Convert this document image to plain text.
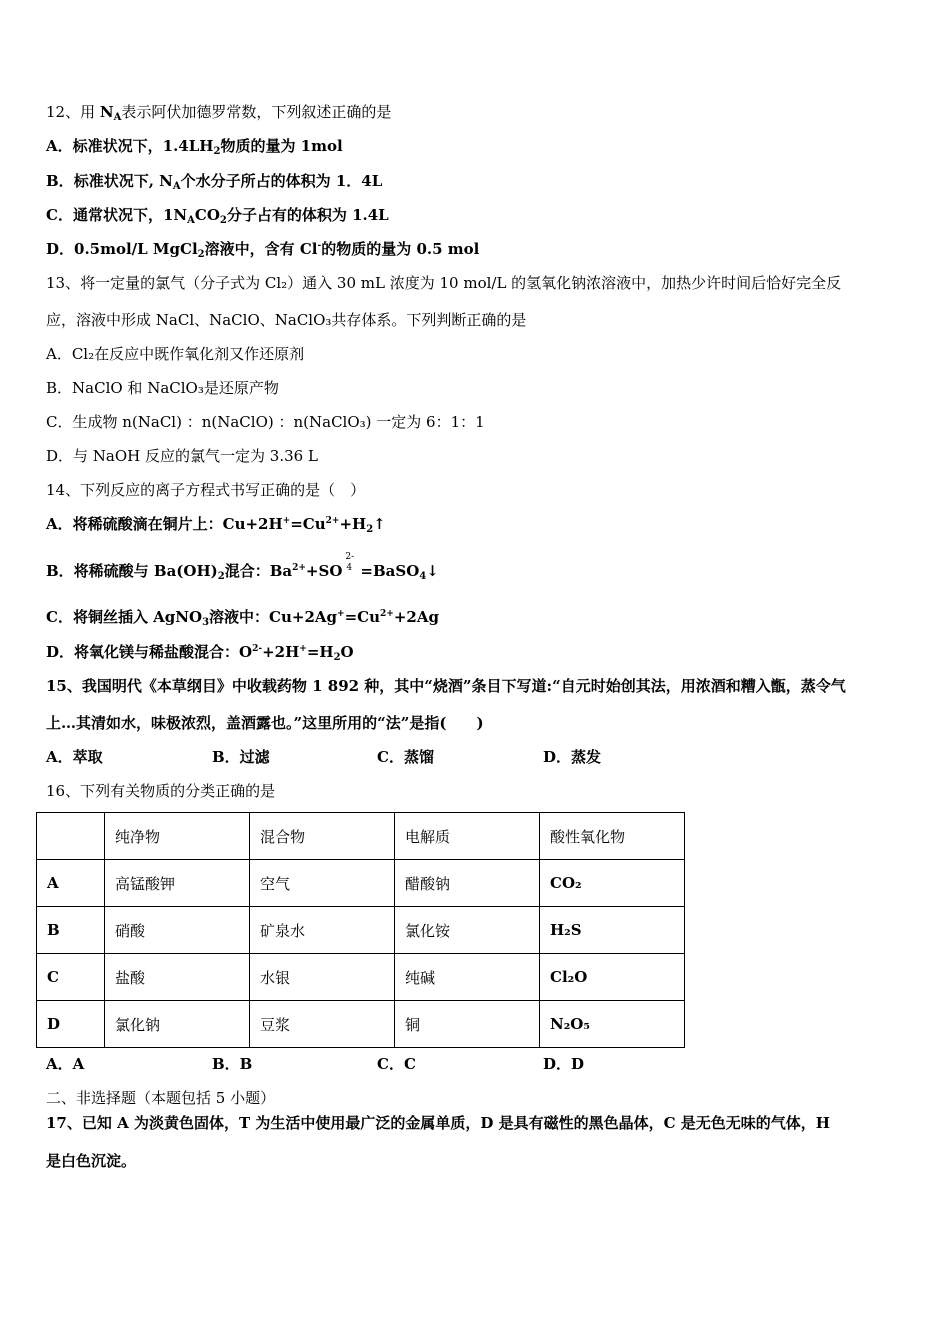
12、用 $N_A$表示阿伏加德罗常数，下列叙述正确的是
A．标准状况下，$1.4LH_2$物质的量为 1mol
B．标准状况下, $N_A$个水分子所占的体积为 1．4L
C．通常状况下，$1N_ACO_2$分子占有的体积为 1.4L
D．0.5mol/L MgCl$_2$溶液中，含有 Cl-的物质的量为 0.5 mol
13、将一定量的氯气（分子式为 Cl₂）通入 30 mL 浓度为 10 mol/L 的氢氧化钠浓溶液中，加热少许时间后恰好完全反
应，溶液中形成 NaCl、NaClO、NaClO₃共存体系。下列判断正确的是
A．Cl₂在反应中既作氧化剂又作还原剂
B．NaClO 和 NaClO₃是还原产物
C．生成物 n(NaCl) ：n(NaClO) ：n(NaClO₃) 一定为 6：1：1
D．与 NaOH 反应的氯气一定为 3.36 L
14、下列反应的离子方程式书写正确的是（　）
A．将稀硫酸滴在铜片上：$Cu+2H^+=Cu^{2+}+H_2↑$
B．将稀硫酸与 $Ba(OH)_2$混合：$Ba^{2+}+SO$
2-
4 =BaSO$_4$↓
C．将铜丝插入 AgNO$_3$溶液中：$Cu+2Ag^+=Cu^{2+}+2Ag$
D．将氧化镁与稀盐酸混合：$O^{2-}+2H^+=H_2O$
15、我国明代《本草纲目》中收载药物 1 892 种，其中“烧酒”条目下写道:“自元时始创其法，用浓酒和糟入甑，蒸令气
上…其清如水，味极浓烈，盖酒露也。”这里所用的“法”是指(　　)
A．萃取	B．过滤	C．蒸馏	D．蒸发
16、下列有关物质的分类正确的是
	纯净物	混合物	电解质	酸性氧化物
A	高锰酸钾	空气	醋酸钠	CO₂
B	硝酸	矿泉水	氯化铵	H₂S
C	盐酸	水银	纯碱	Cl₂O
D	氯化钠	豆浆	铜	N₂O₅
A．A	B．B	C．C	D．D
二、非选择题（本题包括 5 小题）
17、已知 A 为淡黄色固体，T 为生活中使用最广泛的金属单质，D 是具有磁性的黑色晶体，C 是无色无味的气体，H
是白色沉淀。
